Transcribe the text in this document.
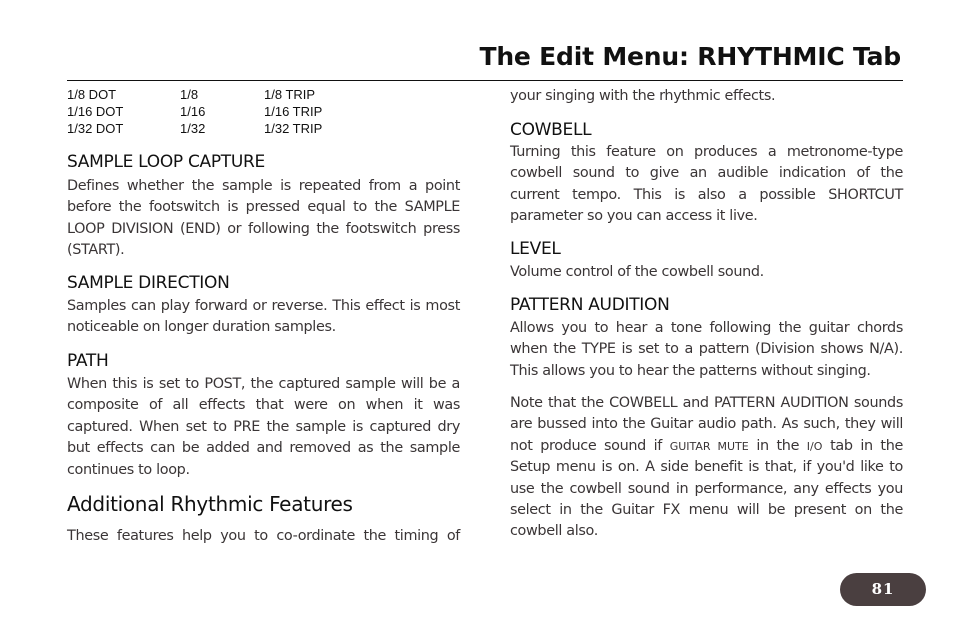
The Edit Menu: RHYTHMIC Tab
1/8 DOT	1/8	1/8 TRIP
1/16 DOT	1/16	1/16 TRIP
1/32 DOT	1/32	1/32 TRIP
SAMPLE LOOP CAPTURE

Defines whether the sample is repeated from a point before the footswitch is pressed equal to the SAMPLE LOOP DIVISION (END) or following the footswitch press (START).

SAMPLE DIRECTION

Samples can play forward or reverse. This effect is most noticeable on longer duration samples.

PATH

When this is set to POST, the captured sample will be a composite of all effects that were on when it was captured. When set to PRE the sample is captured dry but effects can be added and removed as the sample continues to loop.

Additional Rhythmic Features

These features help you to co-ordinate the timing of

your singing with the rhythmic effects.

COWBELL

Turning this feature on produces a metronome-type cowbell sound to give an audible indication of the current tempo. This is also a possible SHORTCUT parameter so you can access it live.

LEVEL

Volume control of the cowbell sound.

PATTERN AUDITION

Allows you to hear a tone following the guitar chords when the TYPE is set to a pattern (Division shows N/A). This allows you to hear the patterns without singing.

Note that the COWBELL and PATTERN AUDITION sounds are bussed into the Guitar audio path. As such, they will not produce sound if GUITAR MUTE in the I/O tab in the Setup menu is on. A side benefit is that, if you'd like to use the cowbell sound in performance, any effects you select in the Guitar FX menu will be present on the cowbell also.

81
